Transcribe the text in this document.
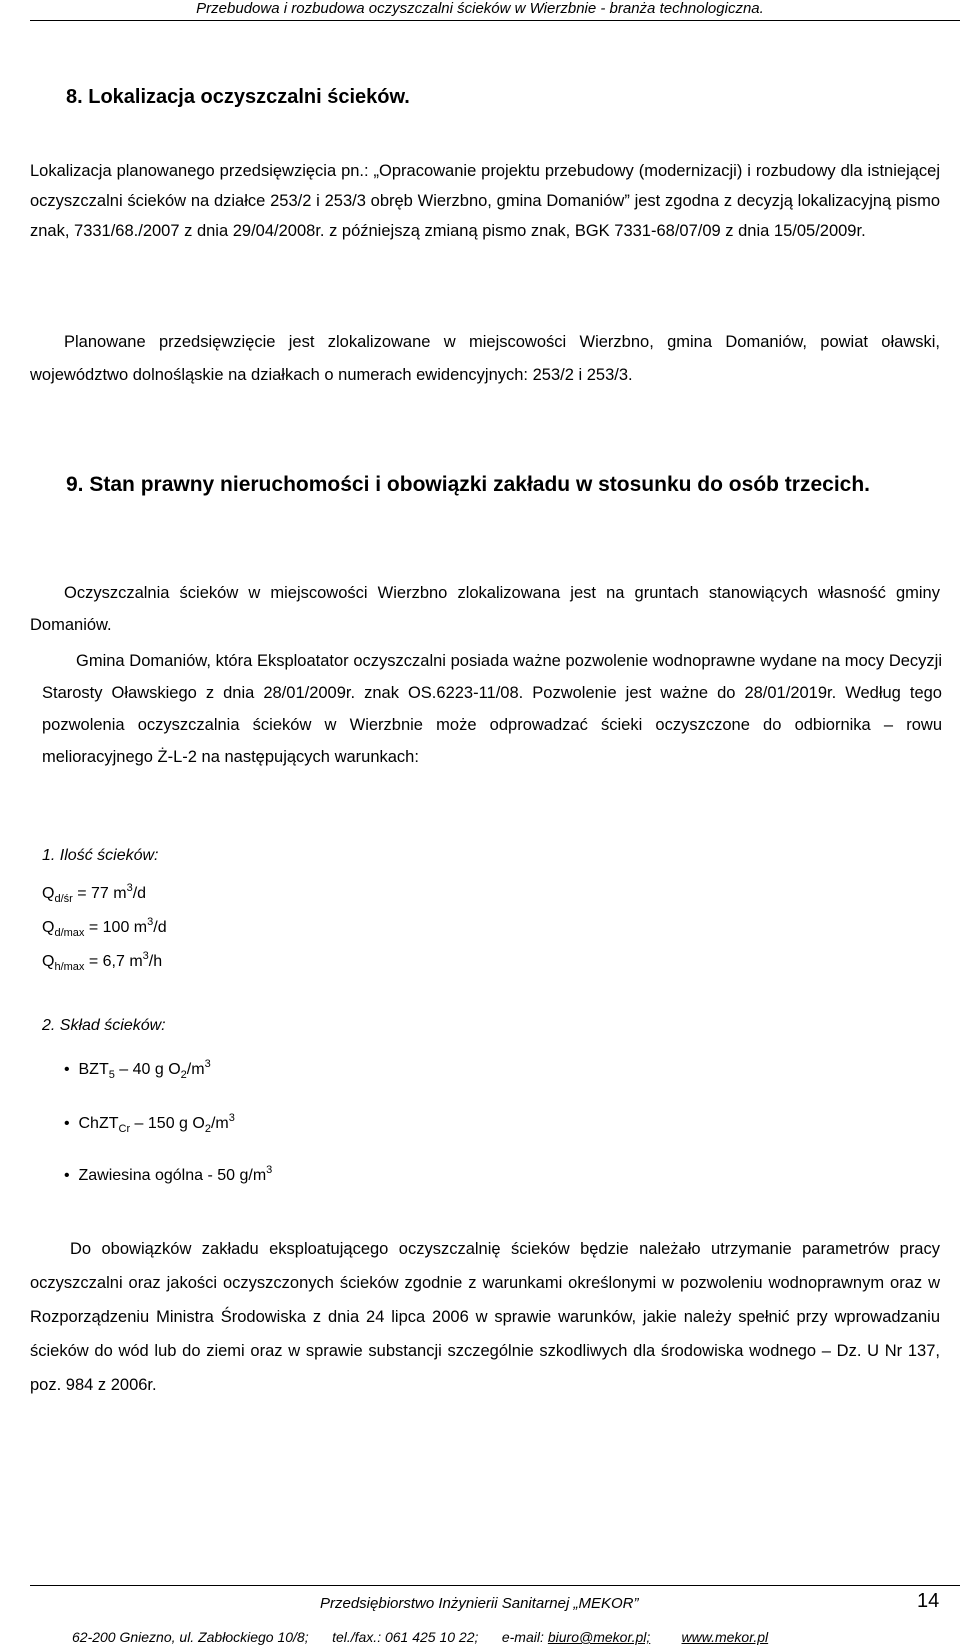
Przebudowa i rozbudowa oczyszczalni ścieków w Wierzbnie - branża technologiczna.
8. Lokalizacja oczyszczalni ścieków.

Lokalizacja planowanego przedsięwzięcia pn.: „Opracowanie projektu przebudowy (modernizacji) i rozbudowy dla istniejącej oczyszczalni ścieków na działce 253/2 i 253/3 obręb Wierzbno, gmina Domaniów” jest zgodna z decyzją lokalizacyjną pismo znak, 7331/68./2007 z dnia 29/04/2008r. z późniejszą zmianą pismo znak, BGK 7331-68/07/09 z dnia 15/05/2009r.

Planowane przedsięwzięcie jest zlokalizowane w miejscowości Wierzbno, gmina Domaniów, powiat oławski, województwo dolnośląskie na działkach o numerach ewidencyjnych: 253/2 i 253/3.

9. Stan prawny nieruchomości i obowiązki zakładu w stosunku do osób trzecich.

Oczyszczalnia ścieków w miejscowości Wierzbno zlokalizowana jest na gruntach stanowiących własność gminy Domaniów.

Gmina Domaniów, która Eksploatator oczyszczalni posiada ważne pozwolenie wodnoprawne wydane na mocy Decyzji Starosty Oławskiego z dnia 28/01/2009r. znak OS.6223-11/08. Pozwolenie jest ważne do 28/01/2019r. Według tego pozwolenia oczyszczalnia ścieków w Wierzbnie może odprowadzać ścieki oczyszczone do odbiornika – rowu melioracyjnego Ż-L-2 na następujących warunkach:

1. Ilość ścieków:
$Q_{d/śr} = 77$ $m^3/d$
$Q_{d/max} = 100$ $m^3/d$
$Q_{h/max} = 6,7$ $m^3/h$
2. Skład ścieków:
•  $BZT_5 - 40$ g $O_2/m^3$
•  ChZT$_{Cr}$ – 150 g $O_2/m^3$
•  Zawiesina ogólna - 50 $g/m^3$

Do obowiązków zakładu eksploatującego oczyszczalnię ścieków będzie należało utrzymanie parametrów pracy oczyszczalni oraz jakości oczyszczonych ścieków zgodnie z warunkami określonymi w pozwoleniu wodnoprawnym oraz w Rozporządzeniu Ministra Środowiska z dnia 24 lipca 2006 w sprawie warunków, jakie należy spełnić przy wprowadzaniu ścieków do wód lub do ziemi oraz w sprawie substancji szczególnie szkodliwych dla środowiska wodnego – Dz. U Nr 137, poz. 984 z 2006r.

Przedsiębiorstwo Inżynierii Sanitarnej „MEKOR”	14
62-200 Gniezno, ul. Zabłockiego 10/8; tel./fax.: 061 425 10 22; e-mail: biuro@mekor.pl; www.mekor.pl
